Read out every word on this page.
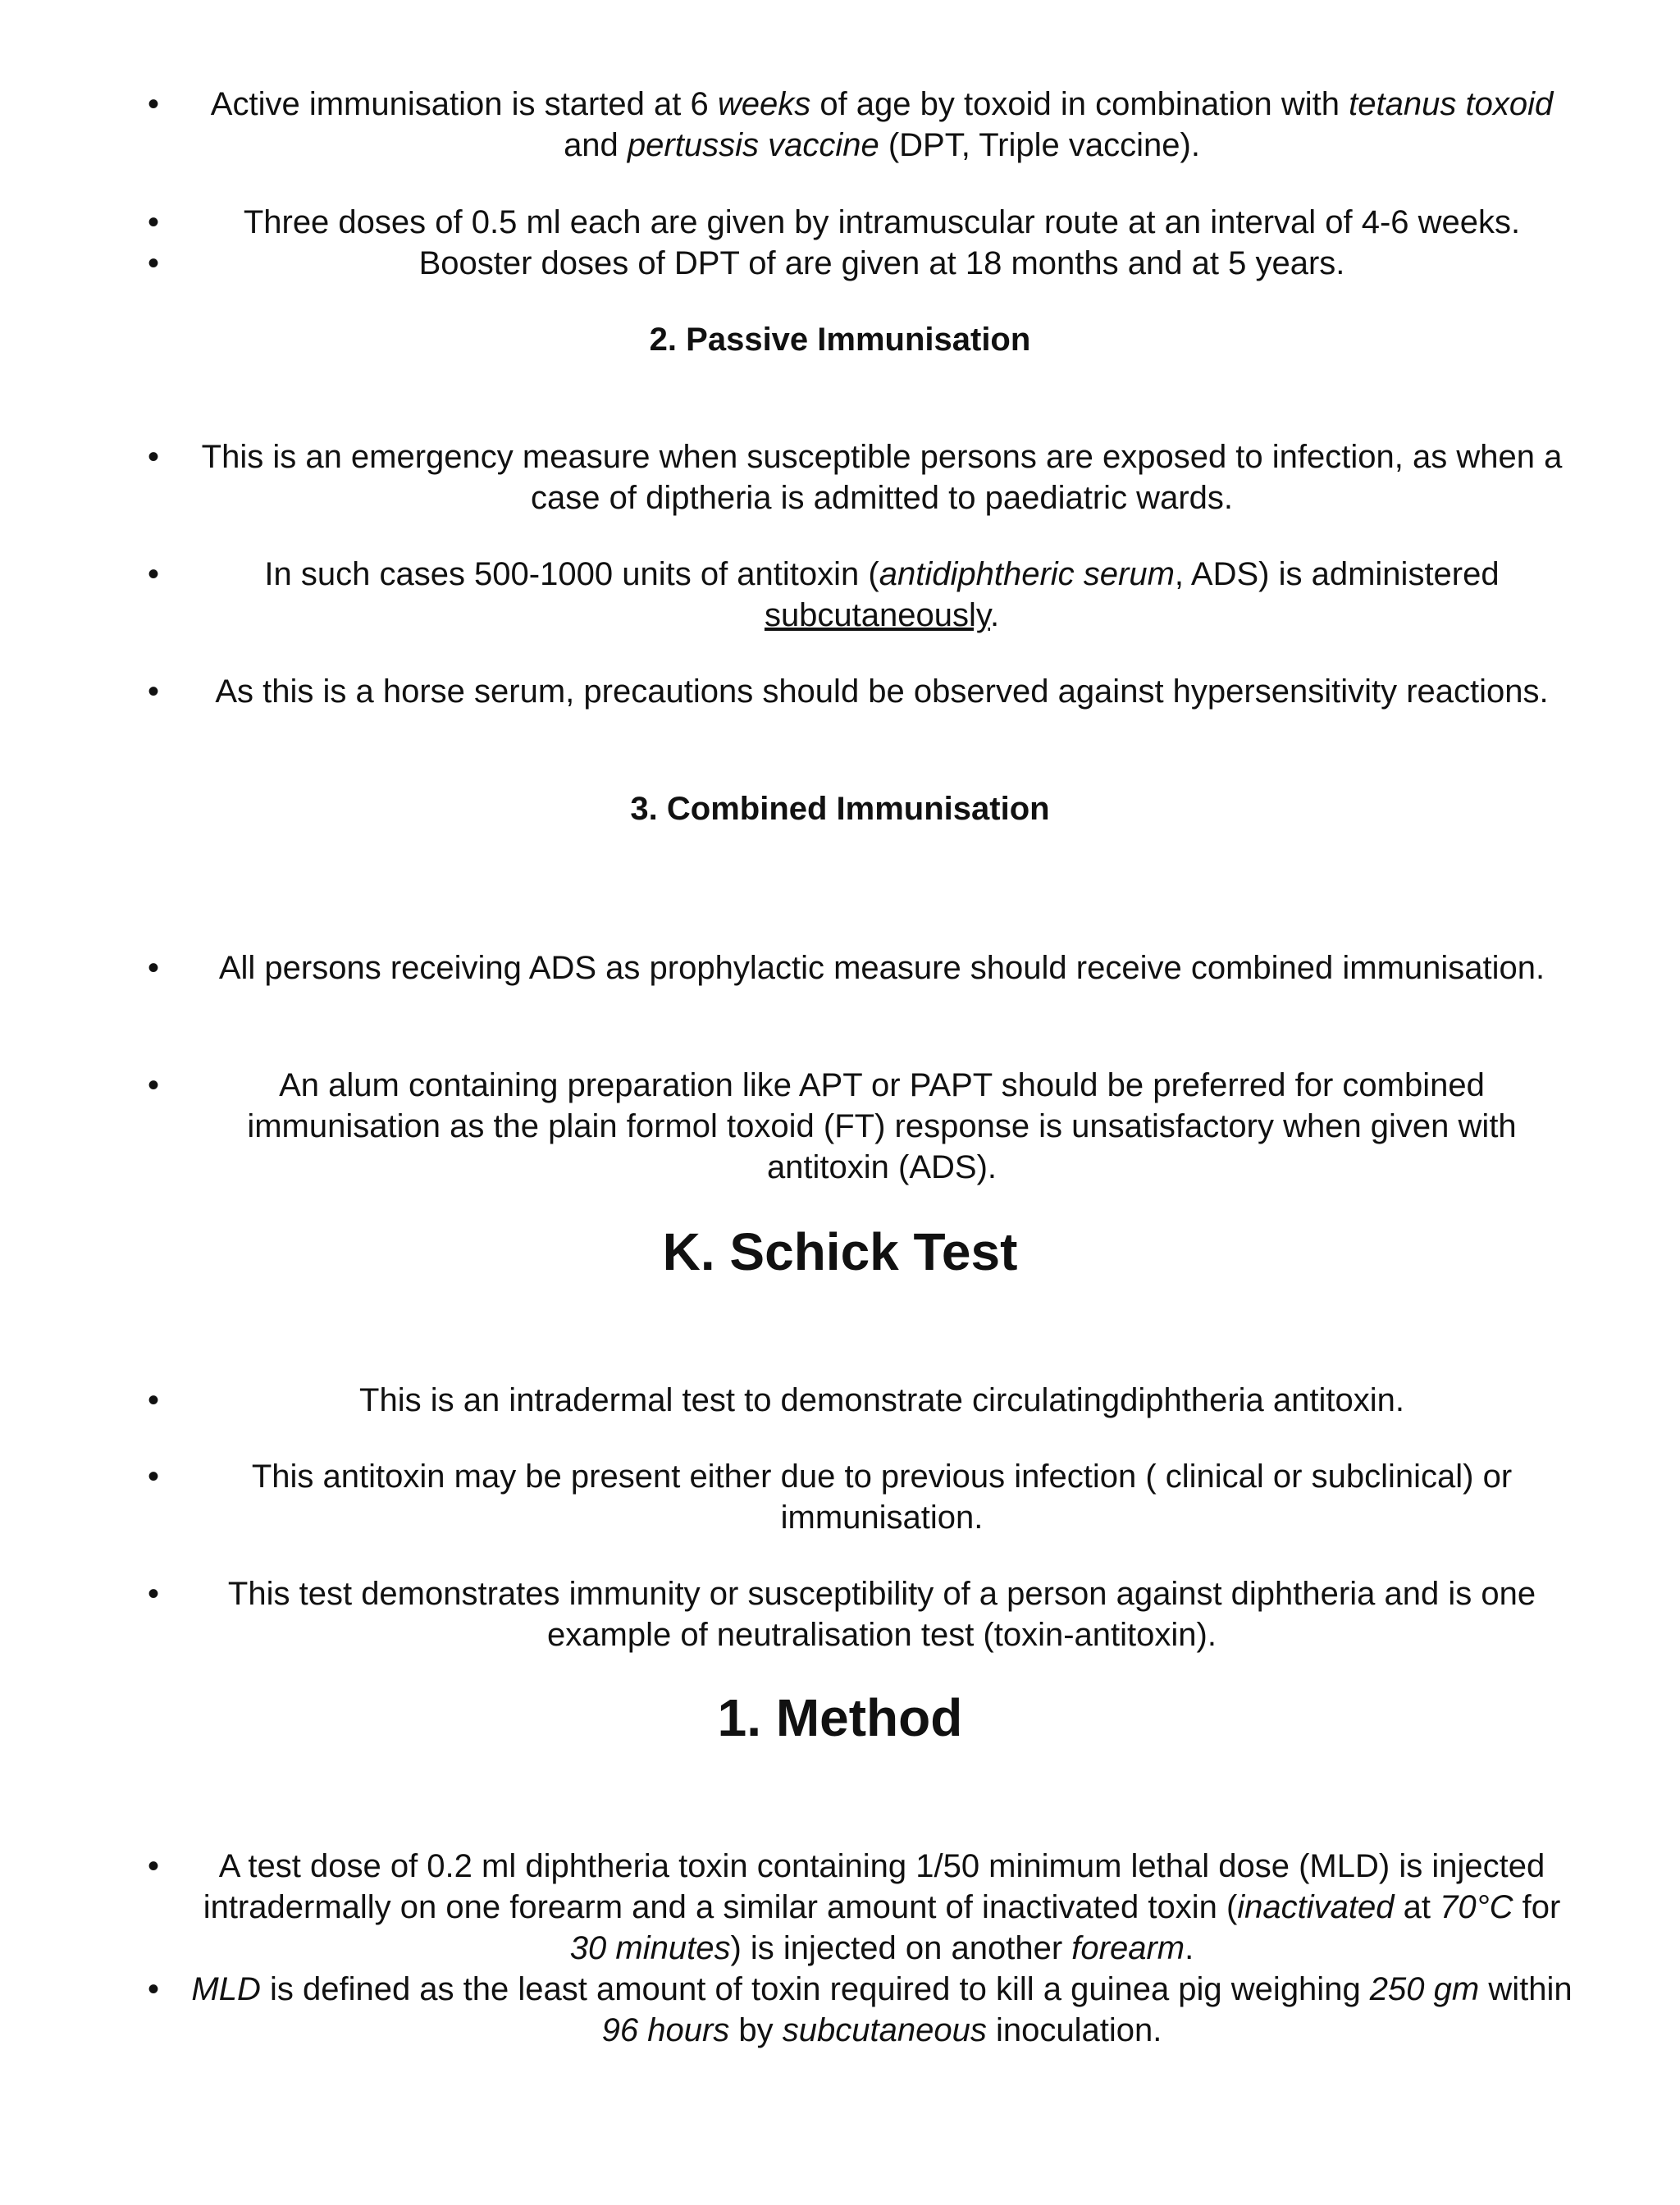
•	Active immunisation is started at 6 weeks of age by toxoid in combination with tetanus toxoid and pertussis vaccine (DPT, Triple vaccine).
•	Three doses of 0.5 ml each are given by intramuscular route at an interval of 4-6 weeks.
•	Booster doses of DPT of are given at 18 months and at 5 years.
2. Passive Immunisation
•	This is an emergency measure when susceptible persons are exposed to infection, as when a case of diptheria is admitted to paediatric wards.
•	In such cases 500-1000 units of antitoxin (antidiphtheric serum, ADS) is administered subcutaneously.
•	As this is a horse serum, precautions should be observed against hypersensitivity reactions.
3. Combined Immunisation
•	All persons receiving ADS as prophylactic measure should receive combined immunisation.
•	An alum containing preparation like APT or PAPT should be preferred for combined immunisation as the plain formol toxoid (FT) response is unsatisfactory when given with antitoxin (ADS).
K. Schick Test
•	This is an intradermal test to demonstrate circulatingdiphtheria antitoxin.
•	This antitoxin may be present either due to previous infection ( clinical or subclinical) or immunisation.
•	This test demonstrates immunity or susceptibility of a person against diphtheria and is one example of neutralisation test (toxin-antitoxin).
1. Method
•	A test dose of 0.2 ml diphtheria toxin containing 1/50 minimum lethal dose (MLD) is injected intradermally on one forearm and a similar amount of inactivated toxin (inactivated at 70°C for 30 minutes) is injected on another forearm.
• MLD is defined as the least amount of toxin required to kill a guinea pig weighing 250 gm within 96 hours by subcutaneous inoculation.
